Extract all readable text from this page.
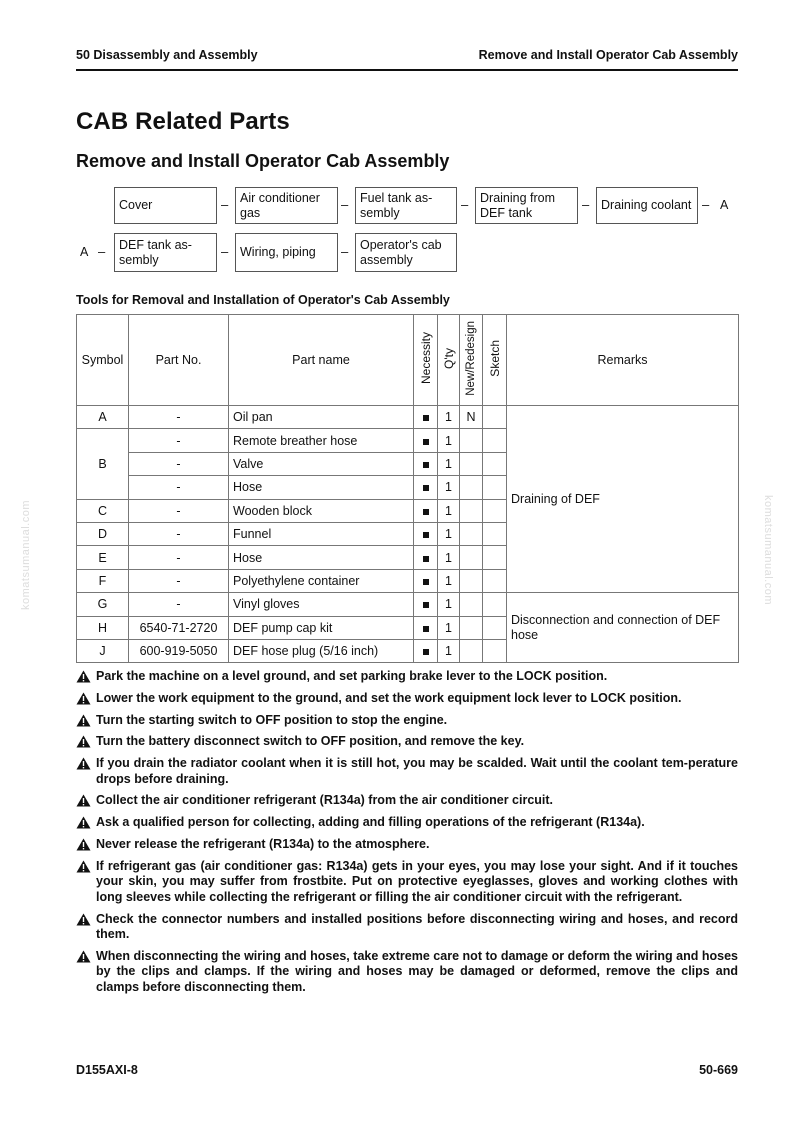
50 Disassembly and Assembly	Remove and Install Operator Cab Assembly
CAB Related Parts
Remove and Install Operator Cab Assembly
Cover	– Air conditioner gas
– Fuel tank as-sembly
– Draining from DEF tank
– Draining coolant – A
A –	DEF tank as-sembly
– Wiring, piping	– Operator's cab assembly
Tools for Removal and Installation of Operator's Cab Assembly
Symbol	Part No.	Part name	Necessity	Q'ty	New/Redesign	Sketch	Remarks
A	-	Oil pan		1	N		Draining of DEF
B	-	Remote breather hose		1			
	-	Valve		1			
	-	Hose		1			
C	-	Wooden block		1			
D	-	Funnel		1			
E	-	Hose		1			
F	-	Polyethylene container		1			
G	-	Vinyl gloves		1			Disconnection and connection of DEF hose
H	6540-71-2720	DEF pump cap kit		1			
J	600-919-5050	DEF hose plug (5/16 inch)		1			
Park the machine on a level ground, and set parking brake lever to the LOCK position.
Lower the work equipment to the ground, and set the work equipment lock lever to LOCK position.
Turn the starting switch to OFF position to stop the engine.
Turn the battery disconnect switch to OFF position, and remove the key.
If you drain the radiator coolant when it is still hot, you may be scalded. Wait until the coolant tem-perature drops before draining.
Collect the air conditioner refrigerant (R134a) from the air conditioner circuit.
Ask a qualified person for collecting, adding and filling operations of the refrigerant (R134a).
Never release the refrigerant (R134a) to the atmosphere.
If refrigerant gas (air conditioner gas: R134a) gets in your eyes, you may lose your sight. And if it touches your skin, you may suffer from frostbite. Put on protective eyeglasses, gloves and working clothes with long sleeves while collecting the refrigerant or filling the air conditioner circuit with the refrigerant.
Check the connector numbers and installed positions before disconnecting wiring and hoses, and record them.
When disconnecting the wiring and hoses, take extreme care not to damage or deform the wiring and hoses by the clips and clamps. If the wiring and hoses may be damaged or deformed, remove the clips and clamps before disconnecting them.
komatsumanual.com	komatsumanual.com
D155AXI-8	50-669
